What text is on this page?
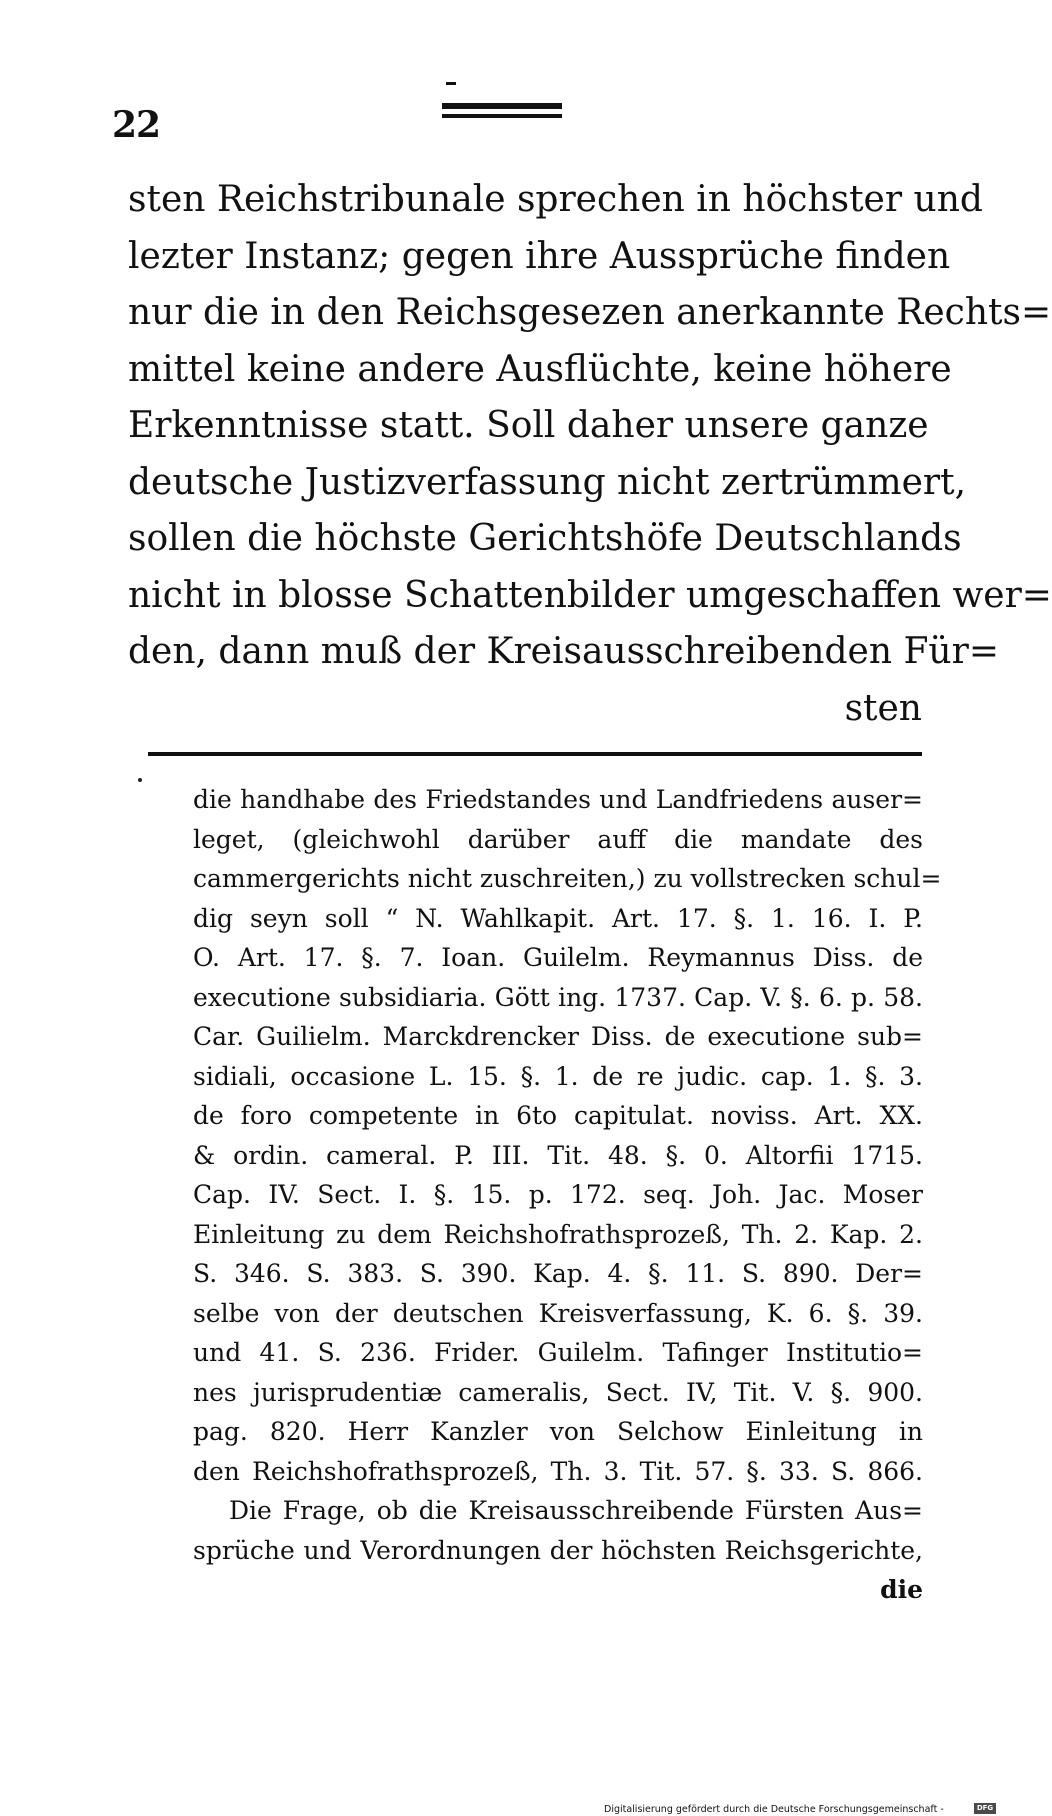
22
sten Reichstribunale sprechen in höchster und
lezter Instanz; gegen ihre Aussprüche finden
nur die in den Reichsgesezen anerkannte Rechts=
mittel keine andere Ausflüchte, keine höhere
Erkenntnisse statt. Soll daher unsere ganze
deutsche Justizverfassung nicht zertrümmert,
sollen die höchste Gerichtshöfe Deutschlands
nicht in blosse Schattenbilder umgeschaffen wer=
den, dann muß der Kreisausschreibenden Für=
sten
die handhabe des Friedstandes und Landfriedens auser=
leget, (gleichwohl darüber auff die mandate des
cammergerichts nicht zuschreiten,) zu vollstrecken schul=
dig seyn soll “ N. Wahlkapit. Art. 17. §. 1. 16. I. P.
O. Art. 17. §. 7. Ioan. Guilelm. Reymannus Diss. de
executione subsidiaria. Gött ing. 1737. Cap. V. §. 6. p. 58.
Car. Guilielm. Marckdrencker Diss. de executione sub=
sidiali, occasione L. 15. §. 1. de re judic. cap. 1. §. 3.
de foro competente in 6to capitulat. noviss. Art. XX.
& ordin. cameral. P. III. Tit. 48. §. 0. Altorfii 1715.
Cap. IV. Sect. I. §. 15. p. 172. seq. Joh. Jac. Moser
Einleitung zu dem Reichshofrathsprozeß, Th. 2. Kap. 2.
S. 346. S. 383. S. 390. Kap. 4. §. 11. S. 890. Der=
selbe von der deutschen Kreisverfassung, K. 6. §. 39.
und 41. S. 236. Frider. Guilelm. Tafinger Institutio=
nes jurisprudentiæ cameralis, Sect. IV, Tit. V. §. 900.
pag. 820. Herr Kanzler von Selchow Einleitung in
den Reichshofrathsprozeß, Th. 3. Tit. 57. §. 33. S. 866.
Die Frage, ob die Kreisausschreibende Fürsten Aus=
sprüche und Verordnungen der höchsten Reichsgerichte,
die
Digitalisierung gefördert durch die Deutsche Forschungsgemeinschaft -	DFG
